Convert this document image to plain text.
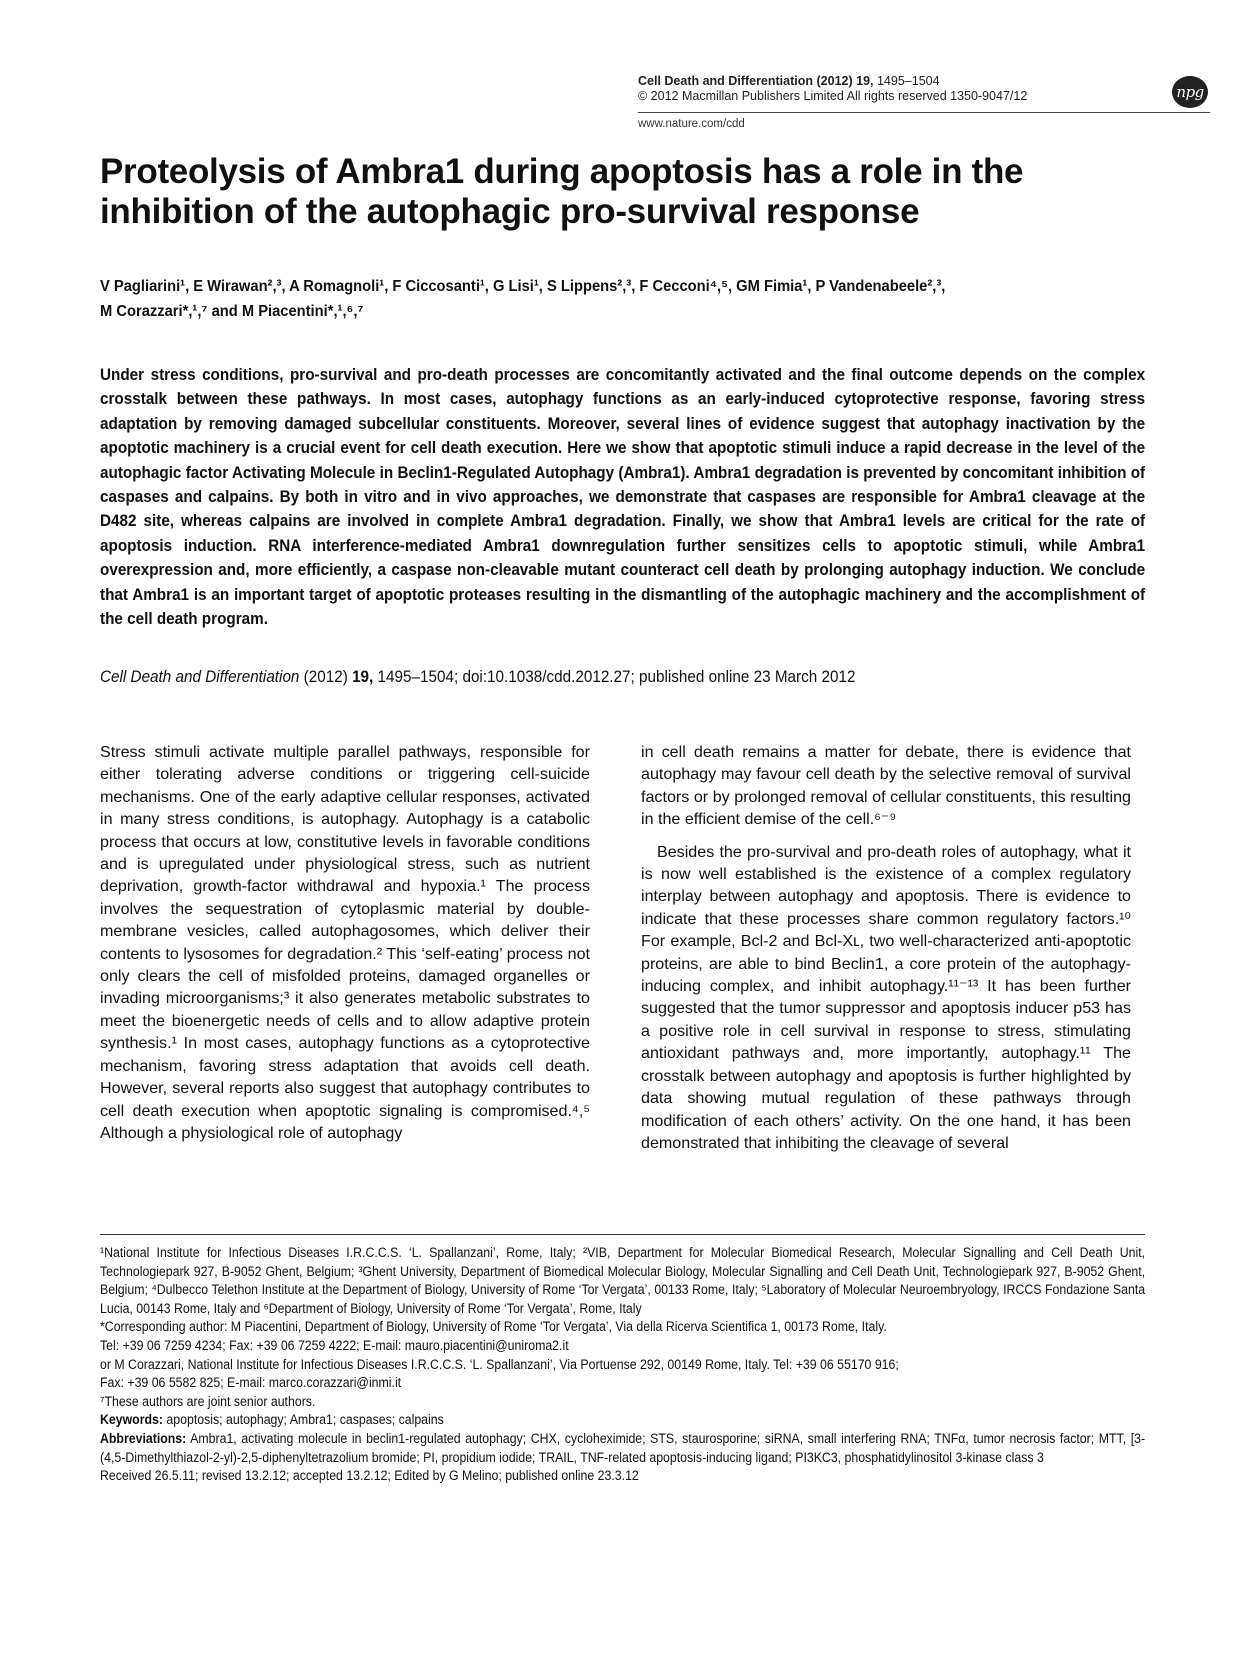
Cell Death and Differentiation (2012) 19, 1495–1504
© 2012 Macmillan Publishers Limited All rights reserved 1350-9047/12
www.nature.com/cdd
npg
Proteolysis of Ambra1 during apoptosis has a role in the inhibition of the autophagic pro-survival response
V Pagliarini¹, E Wirawan²,³, A Romagnoli¹, F Ciccosanti¹, G Lisi¹, S Lippens²,³, F Cecconi⁴,⁵, GM Fimia¹, P Vandenabeele²,³,
M Corazzari*,¹,⁷ and M Piacentini*,¹,⁶,⁷
Under stress conditions, pro-survival and pro-death processes are concomitantly activated and the final outcome depends on the complex crosstalk between these pathways. In most cases, autophagy functions as an early-induced cytoprotective response, favoring stress adaptation by removing damaged subcellular constituents. Moreover, several lines of evidence suggest that autophagy inactivation by the apoptotic machinery is a crucial event for cell death execution. Here we show that apoptotic stimuli induce a rapid decrease in the level of the autophagic factor Activating Molecule in Beclin1-Regulated Autophagy (Ambra1). Ambra1 degradation is prevented by concomitant inhibition of caspases and calpains. By both in vitro and in vivo approaches, we demonstrate that caspases are responsible for Ambra1 cleavage at the D482 site, whereas calpains are involved in complete Ambra1 degradation. Finally, we show that Ambra1 levels are critical for the rate of apoptosis induction. RNA interference-mediated Ambra1 downregulation further sensitizes cells to apoptotic stimuli, while Ambra1 overexpression and, more efficiently, a caspase non-cleavable mutant counteract cell death by prolonging autophagy induction. We conclude that Ambra1 is an important target of apoptotic proteases resulting in the dismantling of the autophagic machinery and the accomplishment of the cell death program.
Cell Death and Differentiation (2012) 19, 1495–1504; doi:10.1038/cdd.2012.27; published online 23 March 2012

Stress stimuli activate multiple parallel pathways, responsible for either tolerating adverse conditions or triggering cell-suicide mechanisms. One of the early adaptive cellular responses, activated in many stress conditions, is autophagy. Autophagy is a catabolic process that occurs at low, constitutive levels in favorable conditions and is upregulated under physiological stress, such as nutrient deprivation, growth-factor withdrawal and hypoxia.¹ The process involves the sequestration of cytoplasmic material by double-membrane vesicles, called autophagosomes, which deliver their contents to lysosomes for degradation.² This ‘self-eating’ process not only clears the cell of misfolded proteins, damaged organelles or invading microorganisms;³ it also generates metabolic substrates to meet the bioenergetic needs of cells and to allow adaptive protein synthesis.¹ In most cases, autophagy functions as a cytoprotective mechanism, favoring stress adaptation that avoids cell death. However, several reports also suggest that autophagy contributes to cell death execution when apoptotic signaling is compromised.⁴,⁵ Although a physiological role of autophagy

in cell death remains a matter for debate, there is evidence that autophagy may favour cell death by the selective removal of survival factors or by prolonged removal of cellular constituents, this resulting in the efficient demise of the cell.⁶⁻⁹

Besides the pro-survival and pro-death roles of autophagy, what it is now well established is the existence of a complex regulatory interplay between autophagy and apoptosis. There is evidence to indicate that these processes share common regulatory factors.¹⁰ For example, Bcl-2 and Bcl-Xʟ, two well-characterized anti-apoptotic proteins, are able to bind Beclin1, a core protein of the autophagy-inducing complex, and inhibit autophagy.¹¹⁻¹³ It has been further suggested that the tumor suppressor and apoptosis inducer p53 has a positive role in cell survival in response to stress, stimulating antioxidant pathways and, more importantly, autophagy.¹¹ The crosstalk between autophagy and apoptosis is further highlighted by data showing mutual regulation of these pathways through modification of each others’ activity. On the one hand, it has been demonstrated that inhibiting the cleavage of several

¹National Institute for Infectious Diseases I.R.C.C.S. ‘L. Spallanzani’, Rome, Italy; ²VIB, Department for Molecular Biomedical Research, Molecular Signalling and Cell Death Unit, Technologiepark 927, B-9052 Ghent, Belgium; ³Ghent University, Department of Biomedical Molecular Biology, Molecular Signalling and Cell Death Unit, Technologiepark 927, B-9052 Ghent, Belgium; ⁴Dulbecco Telethon Institute at the Department of Biology, University of Rome ‘Tor Vergata’, 00133 Rome, Italy; ⁵Laboratory of Molecular Neuroembryology, IRCCS Fondazione Santa Lucia, 00143 Rome, Italy and ⁶Department of Biology, University of Rome ‘Tor Vergata’, Rome, Italy

*Corresponding author: M Piacentini, Department of Biology, University of Rome ‘Tor Vergata’, Via della Ricerva Scientifica 1, 00173 Rome, Italy.

Tel: +39 06 7259 4234; Fax: +39 06 7259 4222; E-mail: mauro.piacentini@uniroma2.it

or M Corazzari, National Institute for Infectious Diseases I.R.C.C.S. ‘L. Spallanzani’, Via Portuense 292, 00149 Rome, Italy. Tel: +39 06 55170 916;

Fax: +39 06 5582 825; E-mail: marco.corazzari@inmi.it

⁷These authors are joint senior authors.

Keywords: apoptosis; autophagy; Ambra1; caspases; calpains

Abbreviations: Ambra1, activating molecule in beclin1-regulated autophagy; CHX, cycloheximide; STS, staurosporine; siRNA, small interfering RNA; TNFα, tumor necrosis factor; MTT, [3-(4,5-Dimethylthiazol-2-yl)-2,5-diphenyltetrazolium bromide; PI, propidium iodide; TRAIL, TNF-related apoptosis-inducing ligand; PI3KC3, phosphatidylinositol 3-kinase class 3

Received 26.5.11; revised 13.2.12; accepted 13.2.12; Edited by G Melino; published online 23.3.12
